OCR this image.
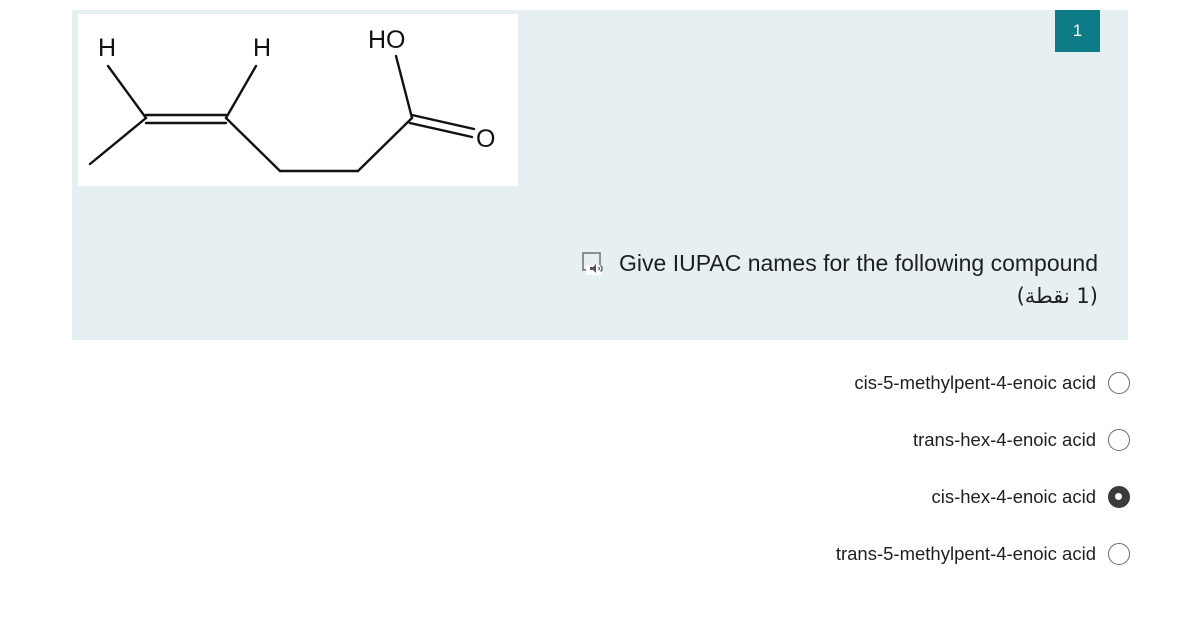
H	H	HO
O
1
Give IUPAC names for the following compound
(1 نقطة)
cis-5-methylpent-4-enoic acid
trans-hex-4-enoic acid
cis-hex-4-enoic acid
trans-5-methylpent-4-enoic acid
